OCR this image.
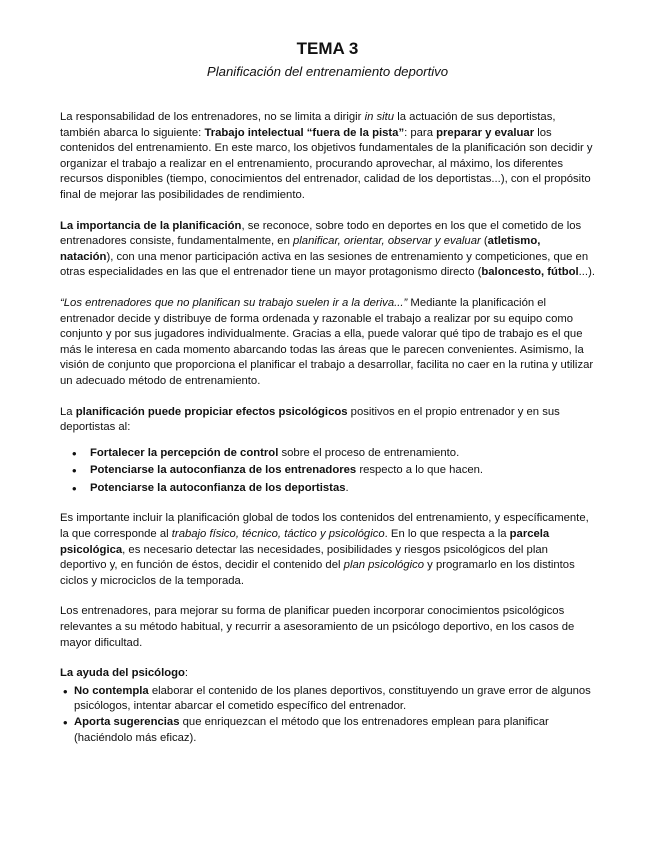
TEMA 3
Planificación del entrenamiento deportivo

La responsabilidad de los entrenadores, no se limita a dirigir in situ la actuación de sus deportistas, también abarca lo siguiente: Trabajo intelectual “fuera de la pista”: para preparar y evaluar los contenidos del entrenamiento. En este marco, los objetivos fundamentales de la planificación son decidir y organizar el trabajo a realizar en el entrenamiento, procurando aprovechar, al máximo, los diferentes recursos disponibles (tiempo, conocimientos del entrenador, calidad de los deportistas...), con el propósito final de mejorar las posibilidades de rendimiento.

La importancia de la planificación, se reconoce, sobre todo en deportes en los que el cometido de los entrenadores consiste, fundamentalmente, en planificar, orientar, observar y evaluar (atletismo, natación), con una menor participación activa en las sesiones de entrenamiento y competiciones, que en otras especialidades en las que el entrenador tiene un mayor protagonismo directo (baloncesto, fútbol...).

“Los entrenadores que no planifican su trabajo suelen ir a la deriva...” Mediante la planificación el entrenador decide y distribuye de forma ordenada y razonable el trabajo a realizar por su equipo como conjunto y por sus jugadores individualmente. Gracias a ella, puede valorar qué tipo de trabajo es el que más le interesa en cada momento abarcando todas las áreas que le parecen convenientes. Asimismo, la visión de conjunto que proporciona el planificar el trabajo a desarrollar, facilita no caer en la rutina y utilizar un adecuado método de entrenamiento.

La planificación puede propiciar efectos psicológicos positivos en el propio entrenador y en sus deportistas al:

• Fortalecer la percepción de control sobre el proceso de entrenamiento.
• Potenciarse la autoconfianza de los entrenadores respecto a lo que hacen.
• Potenciarse la autoconfianza de los deportistas.

Es importante incluir la planificación global de todos los contenidos del entrenamiento, y específicamente, la que corresponde al trabajo físico, técnico, táctico y psicológico. En lo que respecta a la parcela psicológica, es necesario detectar las necesidades, posibilidades y riesgos psicológicos del plan deportivo y, en función de éstos, decidir el contenido del plan psicológico y programarlo en los distintos ciclos y microciclos de la temporada.

Los entrenadores, para mejorar su forma de planificar pueden incorporar conocimientos psicológicos relevantes a su método habitual, y recurrir a asesoramiento de un psicólogo deportivo, en los casos de mayor dificultad.

La ayuda del psicólogo:

• No contempla elaborar el contenido de los planes deportivos, constituyendo un grave error de algunos psicólogos, intentar abarcar el cometido específico del entrenador.
• Aporta sugerencias que enriquezcan el método que los entrenadores emplean para planificar (haciéndolo más eficaz).
